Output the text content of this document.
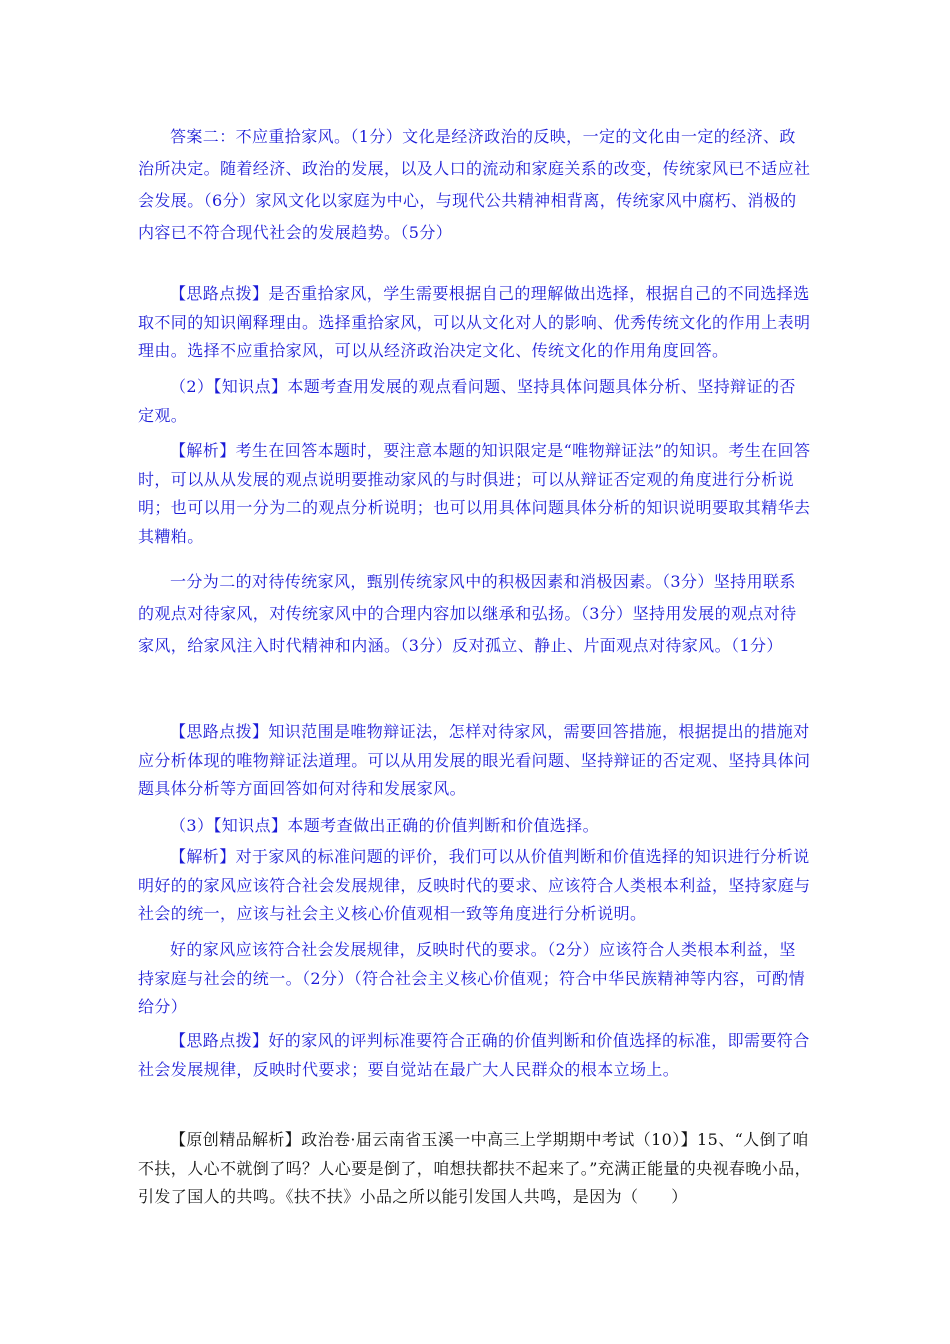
答案二：不应重拾家风。（1分）文化是经济政治的反映，一定的文化由一定的经济、政治所决定。随着经济、政治的发展，以及人口的流动和家庭关系的改变，传统家风已不适应社会发展。（6分）家风文化以家庭为中心，与现代公共精神相背离，传统家风中腐朽、消极的内容已不符合现代社会的发展趋势。（5分）

【思路点拨】是否重拾家风，学生需要根据自己的理解做出选择，根据自己的不同选择选取不同的知识阐释理由。选择重拾家风，可以从文化对人的影响、优秀传统文化的作用上表明理由。选择不应重拾家风，可以从经济政治决定文化、传统文化的作用角度回答。

（2）【知识点】本题考查用发展的观点看问题、坚持具体问题具体分析、坚持辩证的否定观。

【解析】考生在回答本题时，要注意本题的知识限定是“唯物辩证法”的知识。考生在回答时，可以从从发展的观点说明要推动家风的与时俱进；可以从辩证否定观的角度进行分析说明；也可以用一分为二的观点分析说明；也可以用具体问题具体分析的知识说明要取其精华去其糟粕。

一分为二的对待传统家风，甄别传统家风中的积极因素和消极因素。（3分）坚持用联系的观点对待家风，对传统家风中的合理内容加以继承和弘扬。（3分）坚持用发展的观点对待家风，给家风注入时代精神和内涵。（3分）反对孤立、静止、片面观点对待家风。（1分）

【思路点拨】知识范围是唯物辩证法，怎样对待家风，需要回答措施，根据提出的措施对应分析体现的唯物辩证法道理。可以从用发展的眼光看问题、坚持辩证的否定观、坚持具体问题具体分析等方面回答如何对待和发展家风。

（3）【知识点】本题考查做出正确的价值判断和价值选择。

【解析】对于家风的标准问题的评价，我们可以从价值判断和价值选择的知识进行分析说明好的的家风应该符合社会发展规律，反映时代的要求、应该符合人类根本利益，坚持家庭与社会的统一，应该与社会主义核心价值观相一致等角度进行分析说明。

好的家风应该符合社会发展规律，反映时代的要求。（2分）应该符合人类根本利益，坚持家庭与社会的统一。（2分）（符合社会主义核心价值观；符合中华民族精神等内容，可酌情给分）

【思路点拨】好的家风的评判标准要符合正确的价值判断和价值选择的标准，即需要符合社会发展规律，反映时代要求；要自觉站在最广大人民群众的根本立场上。

【原创精品解析】政治卷·届云南省玉溪一中高三上学期期中考试（10）】15、“人倒了咱不扶，人心不就倒了吗？人心要是倒了，咱想扶都扶不起来了。”充满正能量的央视春晚小品，引发了国人的共鸣。《扶不扶》小品之所以能引发国人共鸣，是因为（　　）
